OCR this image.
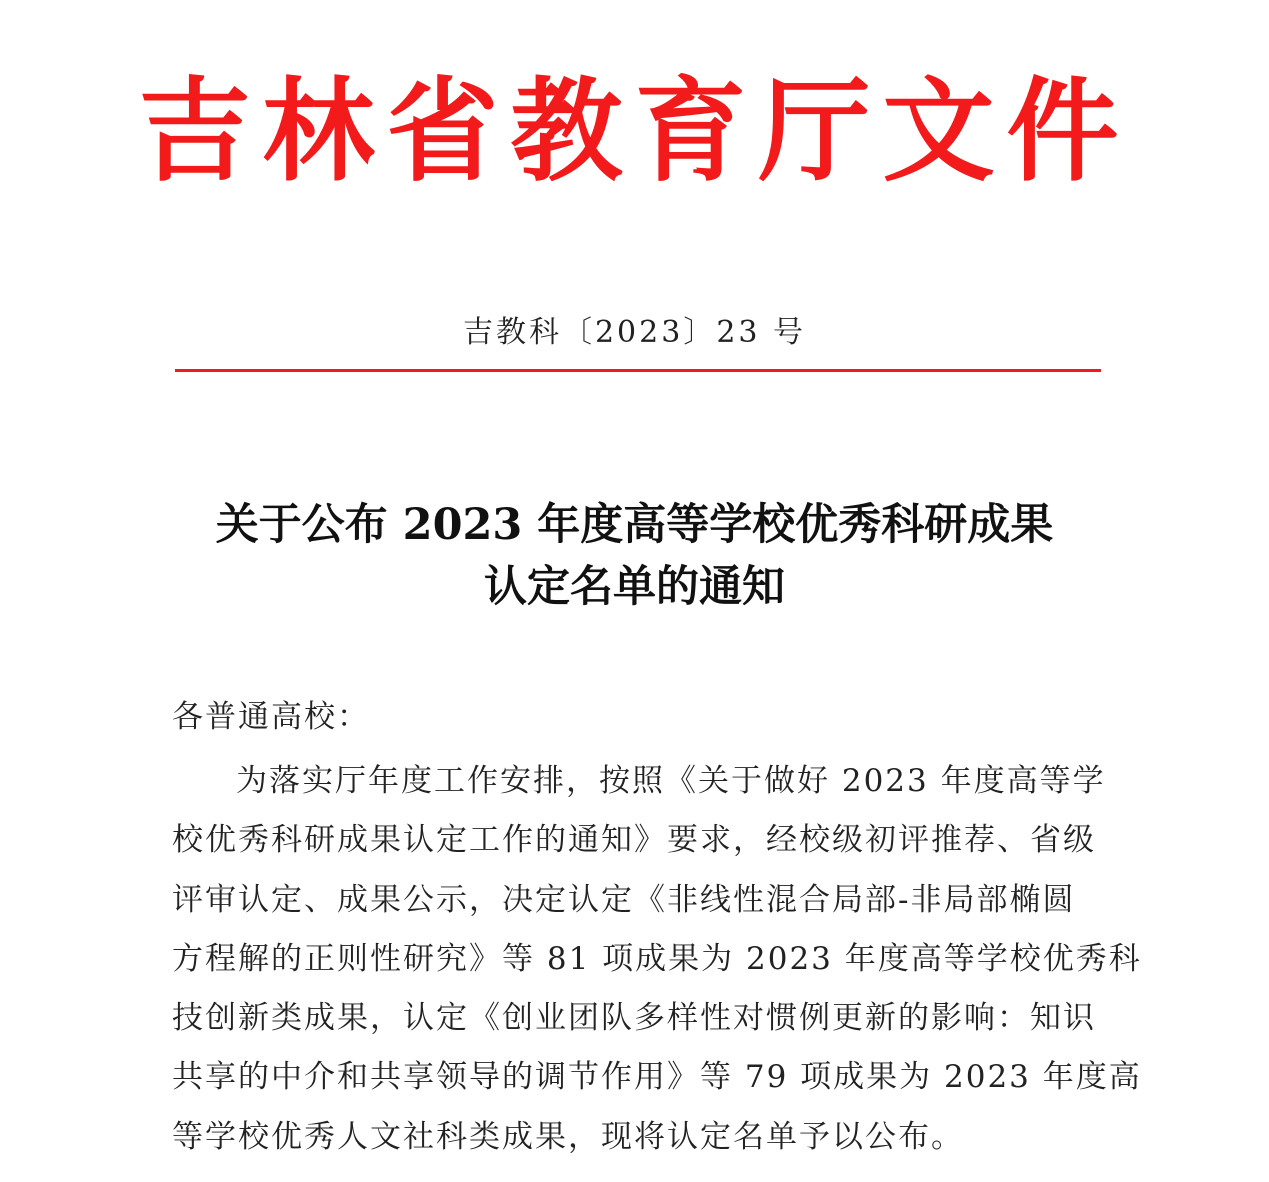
吉林省教育厅文件
吉教科〔2023〕23 号
关于公布 2023 年度高等学校优秀科研成果
认定名单的通知
各普通高校：
为落实厅年度工作安排，按照《关于做好 2023 年度高等学
校优秀科研成果认定工作的通知》要求，经校级初评推荐、省级
评审认定、成果公示，决定认定《非线性混合局部-非局部椭圆
方程解的正则性研究》等 81 项成果为 2023 年度高等学校优秀科
技创新类成果，认定《创业团队多样性对惯例更新的影响：知识
共享的中介和共享领导的调节作用》等 79 项成果为 2023 年度高
等学校优秀人文社科类成果，现将认定名单予以公布。
